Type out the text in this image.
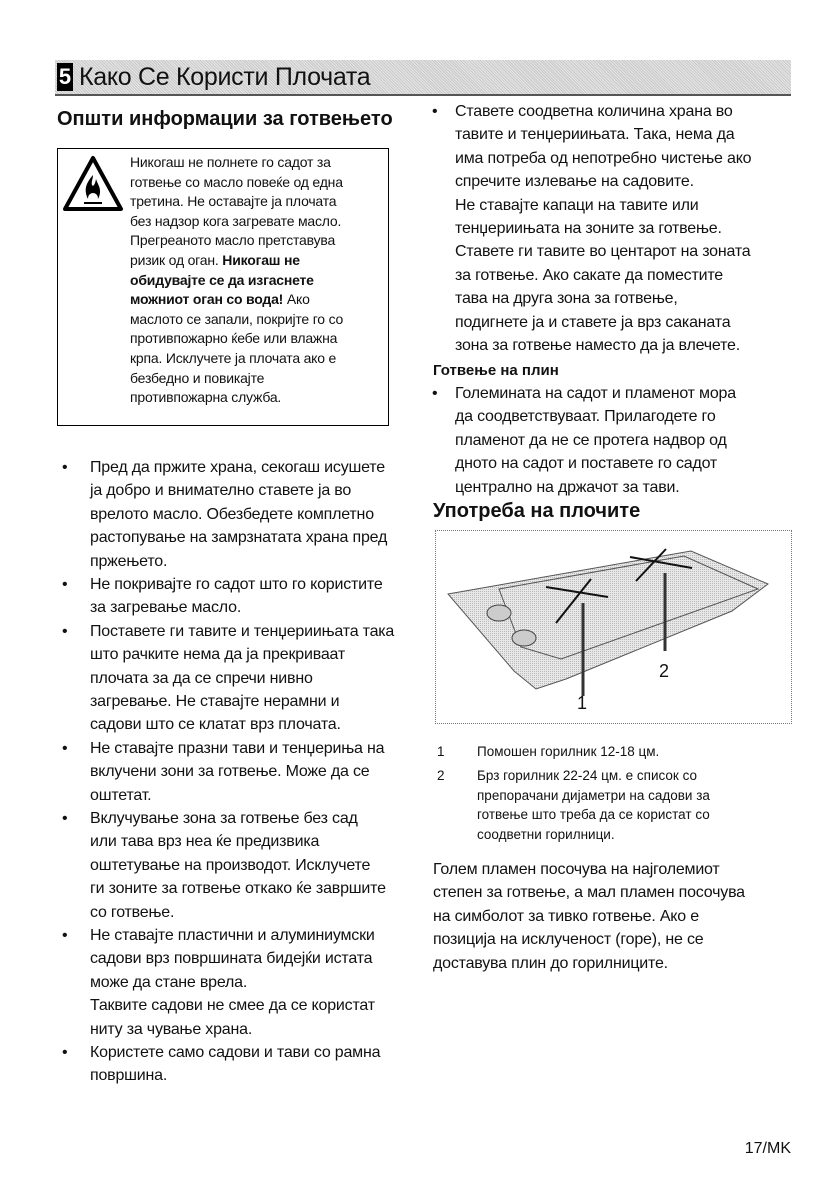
5 Како Се Користи Плочата
Општи информации за готвењето
Никогаш не полнете го садот за
готвење со масло повеќе од една
третина. Не оставајте ја плочата
без надзор кога загревате масло.
Прегреаното масло претставува
ризик од оган. Никогаш не
обидувајте се да изгаснете
можниот оган со вода! Ако
маслото се запали, покријте го со
противпожарно ќебе или влажна
крпа. Исклучете ја плочата ако е
безбедно и повикајте
противпожарна служба.
• Пред да пржите храна, секогаш исушете
ја добро и внимателно ставете ја во
врелото масло. Обезбедете комплетно
растопување на замрзнатата храна пред
пржењето.
• Не покривајте го садот што го користите
за загревање масло.
• Поставете ги тавите и тенџериињата така
што рачките нема да ја прекриваат
плочата за да се спречи нивно
загревање. Не ставајте нерамни и
садови што се клатат врз плочата.
• Не ставајте празни тави и тенџериња на
вклучени зони за готвење. Може да се
оштетат.
• Вклучување зона за готвење без сад
или тава врз неа ќе предизвика
оштетување на производот. Исклучете
ги зоните за готвење откако ќе завршите
со готвење.
• Не ставајте пластични и алуминиумски
садови врз површината бидејќи истата
може да стане врела.
Таквите садови не смее да се користат
ниту за чување храна.
• Користете само садови и тави со рамна
површина.
• Ставете соодветна количина храна во
тавите и тенџериињата. Така, нема да
има потреба од непотребно чистење ако
спречите излевање на садовите.
Не ставајте капаци на тавите или
тенџериињата на зоните за готвење.
Ставете ги тавите во центарот на зоната
за готвење. Ако сакате да поместите
тава на друга зона за готвење,
подигнете ја и ставете ја врз саканата
зона за готвење наместо да ја влечете.
Готвење на плин
• Големината на садот и пламенот мора
да соодветствуваат. Прилагодете го
пламенот да не се протега надвор од
дното на садот и поставете го садот
централно на држачот за тави.
Употреба на плочите
1
2
1 Помошен горилник 12-18 цм.
2 Брз горилник 22-24 цм. е список со
препорачани дијаметри на садови за
готвење што треба да се користат со
соодветни горилници.
Голем пламен посочува на најголемиот
степен за готвење, а мал пламен посочува
на симболот за тивко готвење. Ако е
позиција на исклученост (горе), не се
доставува плин до горилниците.
17/MK
